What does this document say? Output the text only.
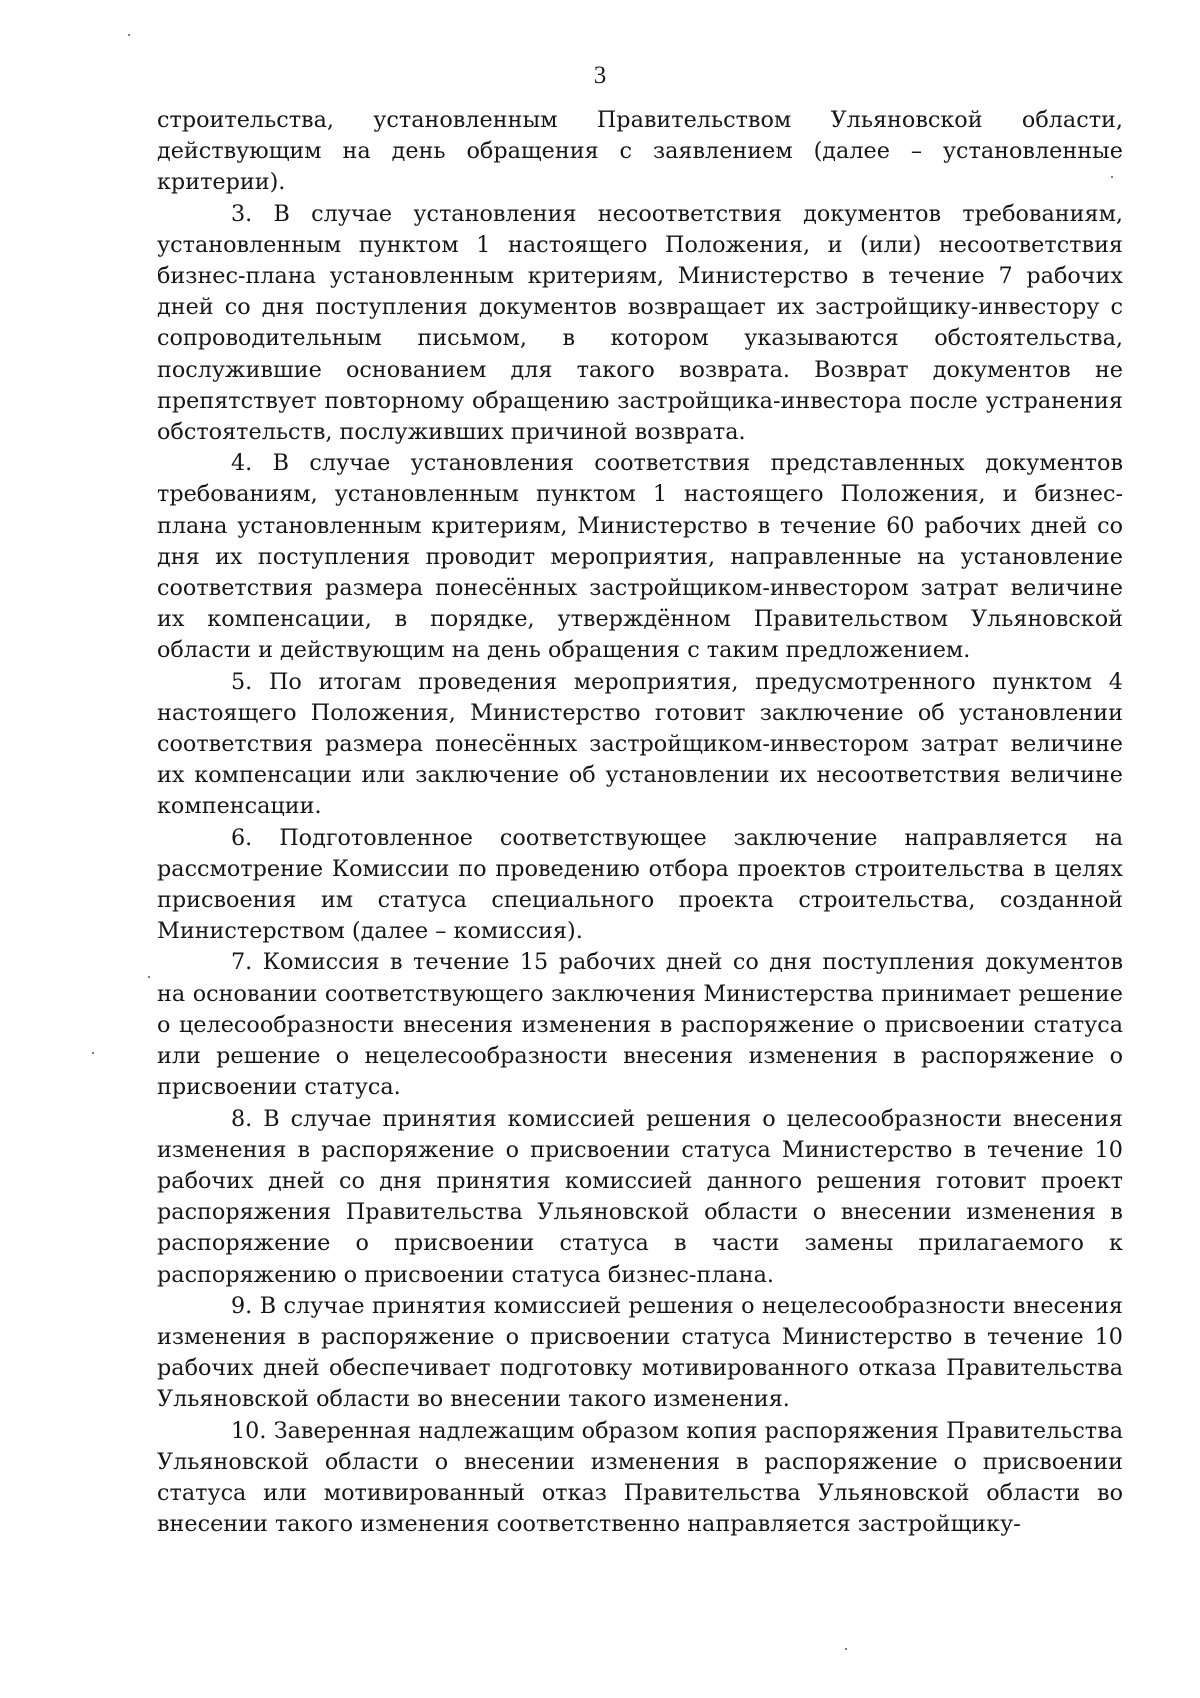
3

строительства, установленным Правительством Ульяновской области, действующим на день обращения с заявлением (далее – установленные критерии).

3. В случае установления несоответствия документов требованиям, установленным пунктом 1 настоящего Положения, и (или) несоответствия бизнес-плана установленным критериям, Министерство в течение 7 рабочих дней со дня поступления документов возвращает их застройщику-инвестору с сопроводительным письмом, в котором указываются обстоятельства, послужившие основанием для такого возврата. Возврат документов не препятствует повторному обращению застройщика-инвестора после устранения обстоятельств, послуживших причиной возврата.

4. В случае установления соответствия представленных документов требованиям, установленным пунктом 1 настоящего Положения, и бизнес-плана установленным критериям, Министерство в течение 60 рабочих дней со дня их поступления проводит мероприятия, направленные на установление соответствия размера понесённых застройщиком-инвестором затрат величине их компенсации, в порядке, утверждённом Правительством Ульяновской области и действующим на день обращения с таким предложением.

5. По итогам проведения мероприятия, предусмотренного пунктом 4 настоящего Положения, Министерство готовит заключение об установлении соответствия размера понесённых застройщиком-инвестором затрат величине их компенсации или заключение об установлении их несоответствия величине компенсации.

6. Подготовленное соответствующее заключение направляется на рассмотрение Комиссии по проведению отбора проектов строительства в целях присвоения им статуса специального проекта строительства, созданной Министерством (далее – комиссия).

7. Комиссия в течение 15 рабочих дней со дня поступления документов на основании соответствующего заключения Министерства принимает решение о целесообразности внесения изменения в распоряжение о присвоении статуса или решение о нецелесообразности внесения изменения в распоряжение о присвоении статуса.

8. В случае принятия комиссией решения о целесообразности внесения изменения в распоряжение о присвоении статуса Министерство в течение 10 рабочих дней со дня принятия комиссией данного решения готовит проект распоряжения Правительства Ульяновской области о внесении изменения в распоряжение о присвоении статуса в части замены прилагаемого к распоряжению о присвоении статуса бизнес-плана.

9. В случае принятия комиссией решения о нецелесообразности внесения изменения в распоряжение о присвоении статуса Министерство в течение 10 рабочих дней обеспечивает подготовку мотивированного отказа Правительства Ульяновской области во внесении такого изменения.

10. Заверенная надлежащим образом копия распоряжения Правительства Ульяновской области о внесении изменения в распоряжение о присвоении статуса или мотивированный отказ Правительства Ульяновской области во внесении такого изменения соответственно направляется застройщику-
